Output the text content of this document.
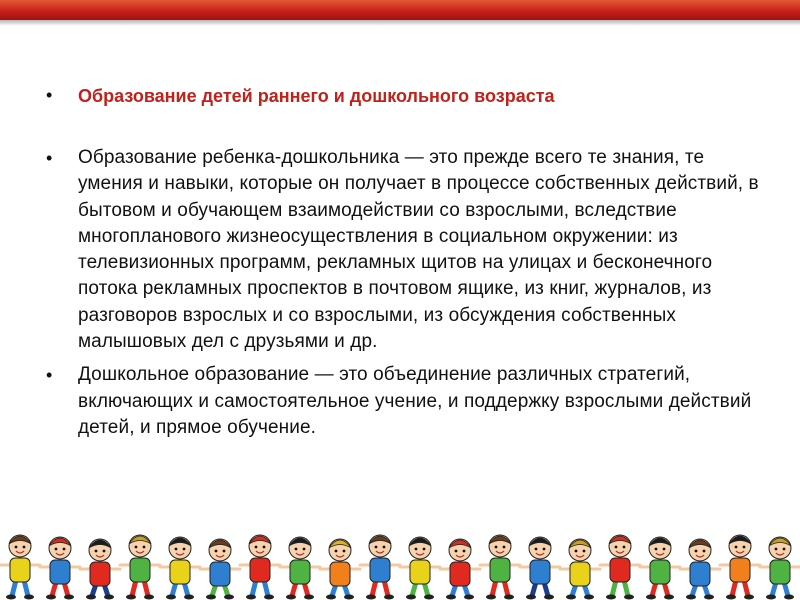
• Образование детей раннего и дошкольного возраста
• Образование ребенка-дошкольника — это прежде всего те знания, те умения и навыки, которые он получает в процессе собственных действий, в бытовом и обучающем взаимодействии со взрослыми, вследствие многопланового жизнеосуществления в социальном окружении: из телевизионных программ, рекламных щитов на улицах и бесконечного потока рекламных проспектов в почтовом ящике, из книг, журналов, из разговоров взрослых и со взрослыми, из обсуждения собственных малышовых дел с друзьями и др.
• Дошкольное образование — это объединение различных стратегий, включающих и самостоятельное учение, и поддержку взрослыми действий детей, и прямое обучение.
